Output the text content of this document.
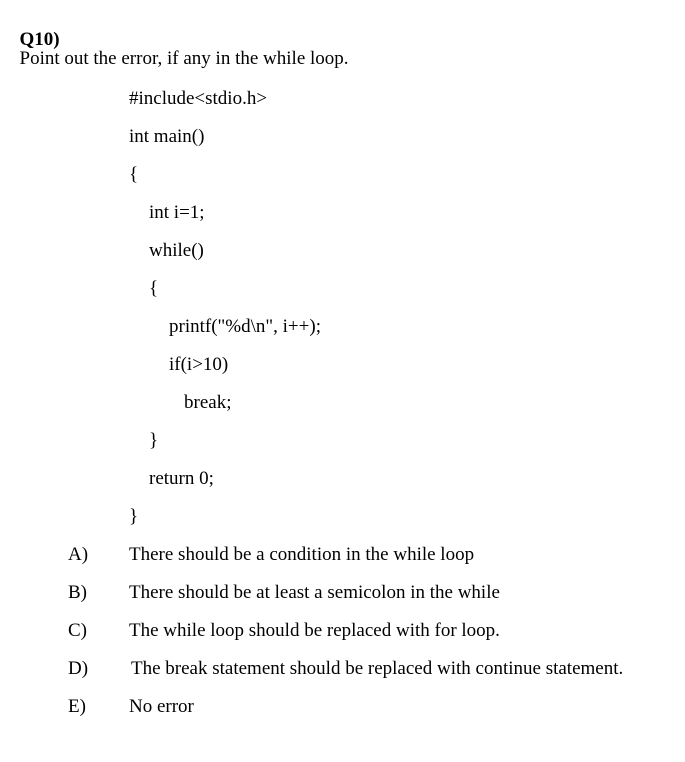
Q10)
Point out the error, if any in the while loop.

#include<stdio.h>
int main()
{
int i=1;
while()
{
printf("%d\n", i++);
if(i>10)
break;
}
return 0;
}
A) There should be a condition in the while loop
B) There should be at least a semicolon in the while
C) The while loop should be replaced with for loop.
D) The break statement should be replaced with continue statement.
E) No error
